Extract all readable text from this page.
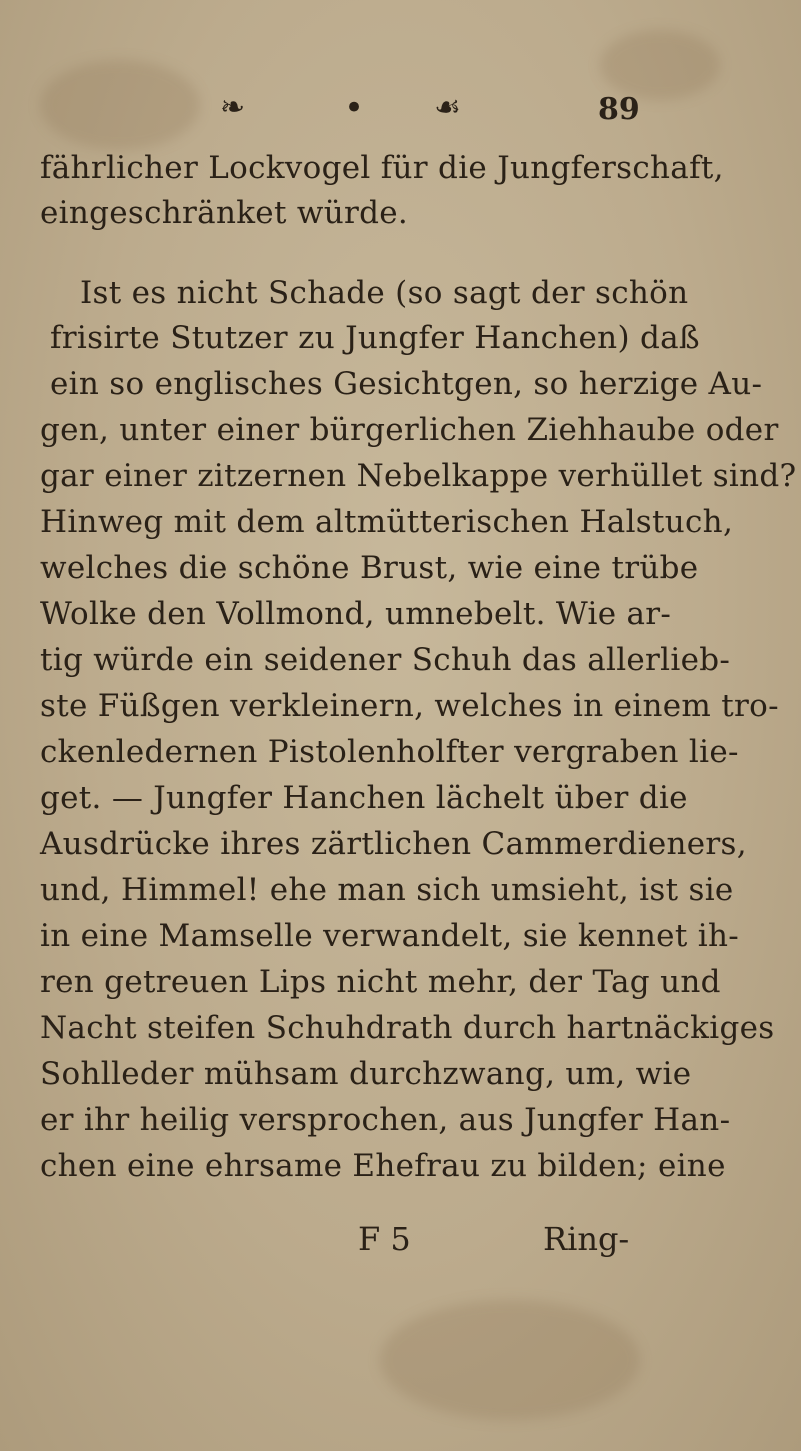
❧	• ☙	89
fährlicher Lockvogel für die Jungferschaft,
eingeschränket würde.
Ist es nicht Schade (so sagt der schön
frisirte Stutzer zu Jungfer Hanchen) daß
ein so englisches Gesichtgen, so herzige Au-
gen, unter einer bürgerlichen Ziehhaube oder
gar einer zitzernen Nebelkappe verhüllet sind?
Hinweg mit dem altmütterischen Halstuch,
welches die schöne Brust, wie eine trübe
Wolke den Vollmond, umnebelt. Wie ar-
tig würde ein seidener Schuh das allerlieb-
ste Füßgen verkleinern, welches in einem tro-
ckenledernen Pistolenholfter vergraben lie-
get. — Jungfer Hanchen lächelt über die
Ausdrücke ihres zärtlichen Cammerdieners,
und, Himmel! ehe man sich umsieht, ist sie
in eine Mamselle verwandelt, sie kennet ih-
ren getreuen Lips nicht mehr, der Tag und
Nacht steifen Schuhdrath durch hartnäckiges
Sohlleder mühsam durchzwang, um, wie
er ihr heilig versprochen, aus Jungfer Han-
chen eine ehrsame Ehefrau zu bilden; eine
F 5	Ring-
